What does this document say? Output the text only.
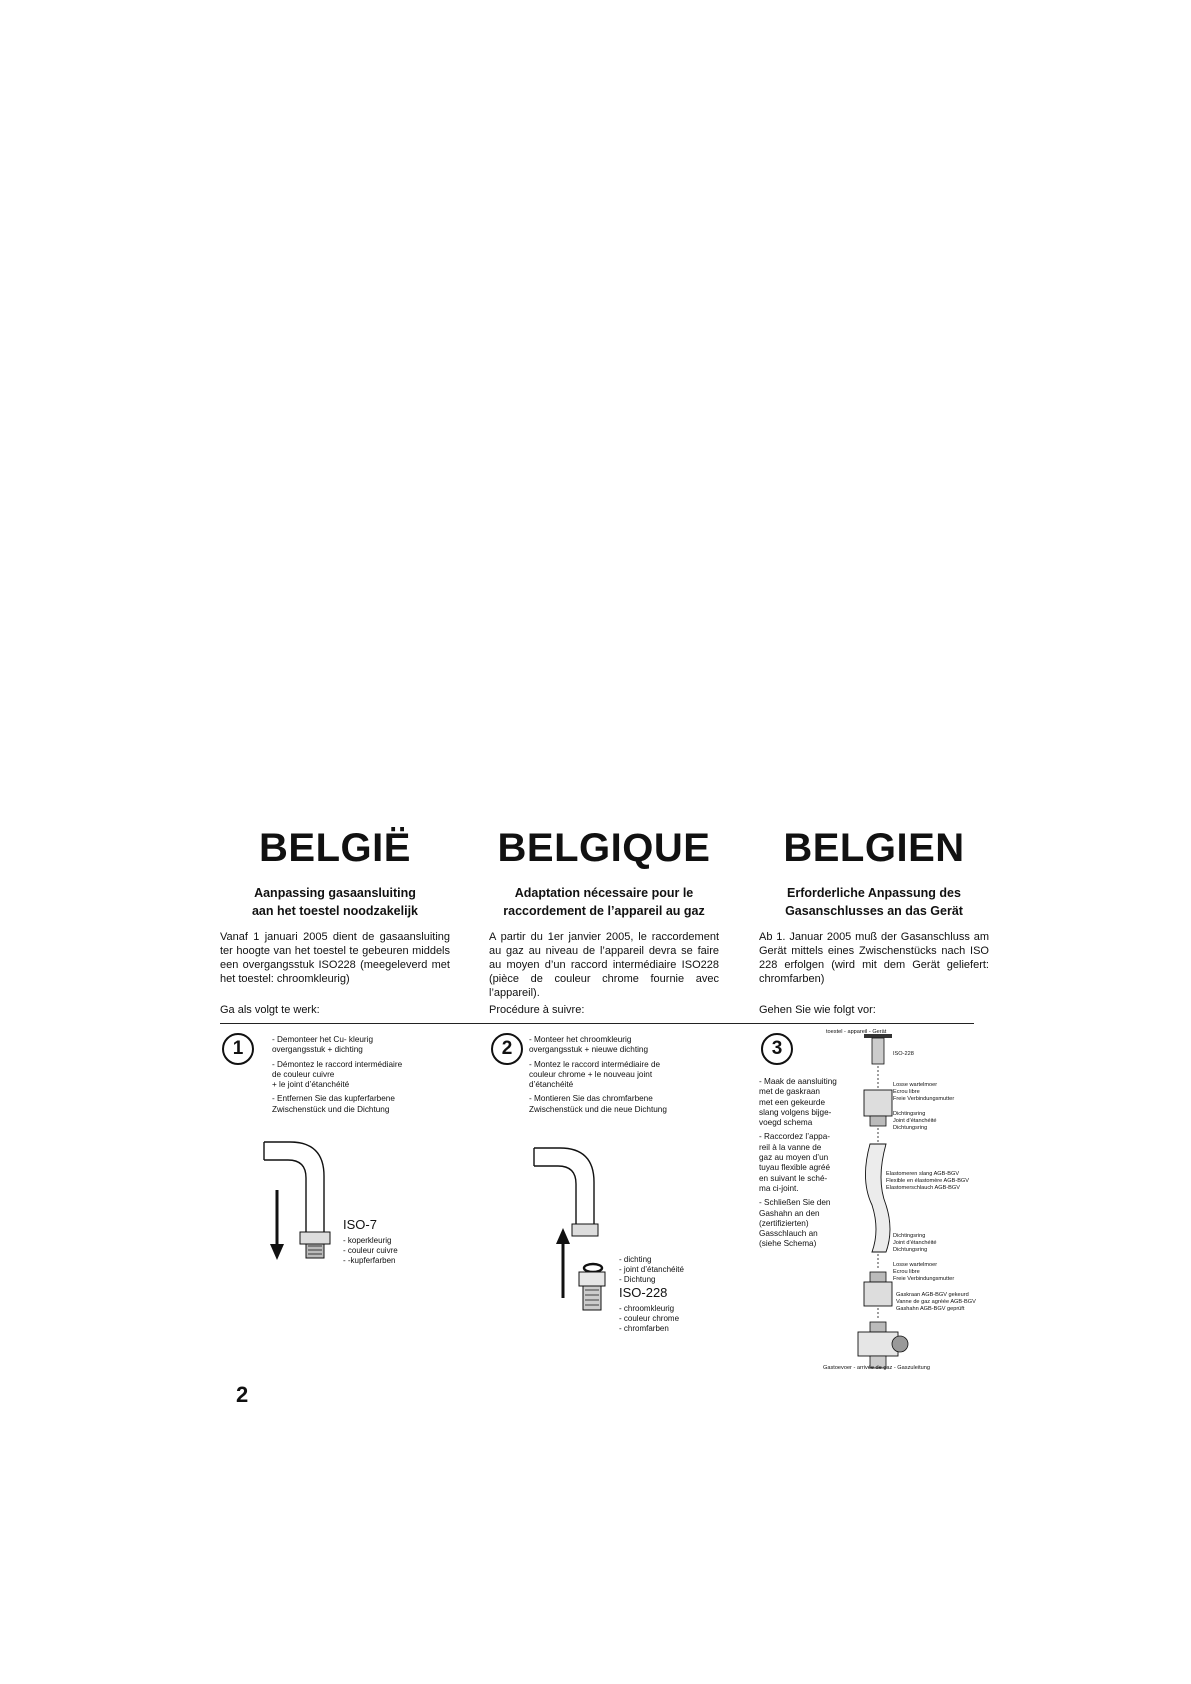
BELGIË
Aanpassing gasaansluiting
aan het toestel noodzakelijk
Vanaf 1 januari 2005 dient de gasaansluiting ter hoogte van het toestel te gebeuren middels een overgangsstuk ISO228 (meegeleverd met het toestel: chroomkleurig)
BELGIQUE
Adaptation nécessaire pour le
raccordement de l’appareil au gaz
A partir du 1er janvier 2005, le raccordement au gaz au niveau de l’appareil devra se faire au moyen d’un raccord intermédiaire ISO228 (pièce de couleur chrome fournie avec l’appareil).
BELGIEN
Erforderliche Anpassung des
Gasanschlusses an das Gerät
Ab 1. Januar 2005 muß der Gasanschluss am Gerät mittels eines Zwischenstücks nach ISO 228 erfolgen (wird mit dem Gerät geliefert: chromfarben)
Ga als volgt te werk:	Procédure à suivre:	Gehen Sie wie folgt vor:
1	- Demonteer het Cu- kleurig
overgangsstuk + dichting
- Démontez le raccord intermédiaire
de couleur cuivre
+ le joint d’étanchéité
- Entfernen Sie das kupferfarbene
Zwischenstück und die Dichtung
ISO-7
- koperkleurig
- couleur cuivre
- -kupferfarben
2	- Monteer het chroomkleurig
overgangsstuk + nieuwe dichting
- Montez le raccord intermédiaire de
couleur chrome + le nouveau joint
d’étanchéité
- Montieren Sie das chromfarbene
Zwischenstück und die neue Dichtung
- dichting
- joint d’étanchéité
- Dichtung
ISO-228
- chroomkleurig
- couleur chrome
- chromfarben
3
- Maak de aansluiting
met de gaskraan
met een gekeurde
slang volgens bijge-
voegd schema
- Raccordez l’appa-
reil à la vanne de
gaz au moyen d’un
tuyau flexible agréé
en suivant le sché-
ma ci-joint.
- Schließen Sie den
Gashahn an den
(zertifizierten)
Gasschlauch an
(siehe Schema)
toestel - appareil - Gerät
ISO-228
Losse wartelmoer
Ecrou libre
Freie Verbindungsmutter
Dichtingsring
Joint d’étanchéité
Dichtungsring
Elastomeren slang AGB-BGV
Flexible en élastomère AGB-BGV
Elastomerschlauch AGB-BGV
Dichtingsring
Joint d’étanchéité
Dichtungsring
Losse wartelmoer
Ecrou libre
Freie Verbindungsmutter
Gaskraan AGB-BGV gekeurd
Vanne de gaz agréée AGB-BGV
Gashahn AGB-BGV geprüft
Gastoevoer - arrivée de gaz - Gaszuleitung
2
